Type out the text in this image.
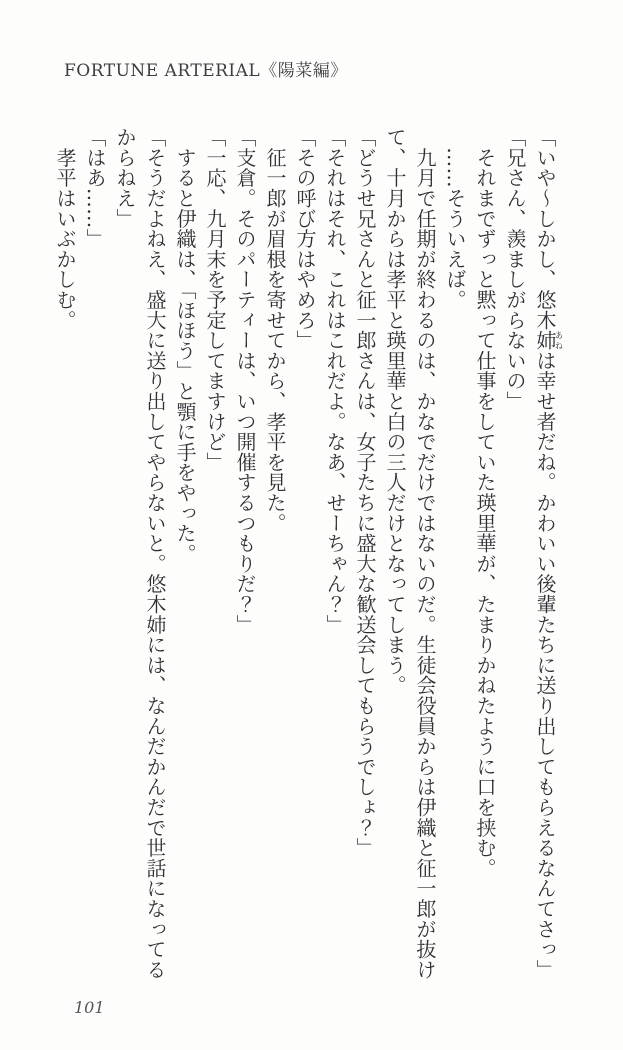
FORTUNE ARTERIAL《陽菜編》
「いや〜しかし、悠木姉あねは幸せ者だね。かわいい後輩たちに送り出してもらえるなんてさっ」
「兄さん、羨ましがらないの」
　それまでずっと黙って仕事をしていた瑛里華が、たまりかねたように口を挟む。
　……そういえば。
　九月で任期が終わるのは、かなでだけではないのだ。生徒会役員からは伊織と征一郎が抜け
て、十月からは孝平と瑛里華と白の三人だけとなってしまう。
「どうせ兄さんと征一郎さんは、女子たちに盛大な歓送会してもらうでしょ？」
「それはそれ、これはこれだよ。なあ、せーちゃん？」
「その呼び方はやめろ」
　征一郎が眉根を寄せてから、孝平を見た。
「支倉。そのパーティーは、いつ開催するつもりだ？」
「一応、九月末を予定してますけど」
　すると伊織は、「ほほう」と顎に手をやった。
「そうだよねえ、盛大に送り出してやらないと。悠木姉には、なんだかんだで世話になってる
からねえ」
「はあ……」
　孝平はいぶかしむ。
101
